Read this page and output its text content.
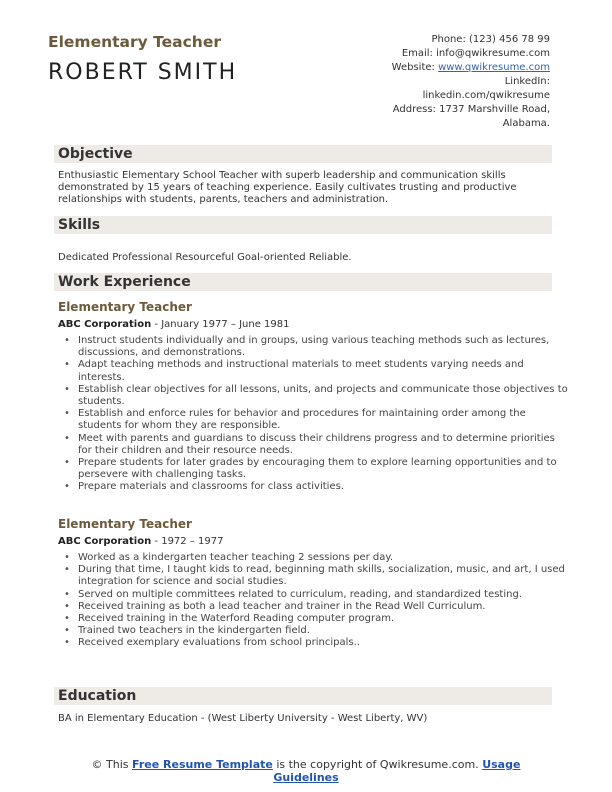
Elementary Teacher
ROBERT SMITH
Phone: (123) 456 78 99
Email: info@qwikresume.com
Website: www.qwikresume.com
LinkedIn:
linkedin.com/qwikresume
Address: 1737 Marshville Road,
Alabama.
Objective
Enthusiastic Elementary School Teacher with superb leadership and communication skills demonstrated by 15 years of teaching experience. Easily cultivates trusting and productive relationships with students, parents, teachers and administration.
Skills
Dedicated Professional Resourceful Goal-oriented Reliable.
Work Experience
Elementary Teacher
ABC Corporation - January 1977 – June 1981
• Instruct students individually and in groups, using various teaching methods such as lectures, discussions, and demonstrations.
• Adapt teaching methods and instructional materials to meet students varying needs and interests.
• Establish clear objectives for all lessons, units, and projects and communicate those objectives to students.
• Establish and enforce rules for behavior and procedures for maintaining order among the students for whom they are responsible.
• Meet with parents and guardians to discuss their childrens progress and to determine priorities for their children and their resource needs.
• Prepare students for later grades by encouraging them to explore learning opportunities and to persevere with challenging tasks.
• Prepare materials and classrooms for class activities.
Elementary Teacher
ABC Corporation - 1972 – 1977
• Worked as a kindergarten teacher teaching 2 sessions per day.
• During that time, I taught kids to read, beginning math skills, socialization, music, and art, I used integration for science and social studies.
• Served on multiple committees related to curriculum, reading, and standardized testing.
• Received training as both a lead teacher and trainer in the Read Well Curriculum.
• Received training in the Waterford Reading computer program.
• Trained two teachers in the kindergarten field.
• Received exemplary evaluations from school principals..
Education
BA in Elementary Education - (West Liberty University - West Liberty, WV)
© This Free Resume Template is the copyright of Qwikresume.com. Usage Guidelines
